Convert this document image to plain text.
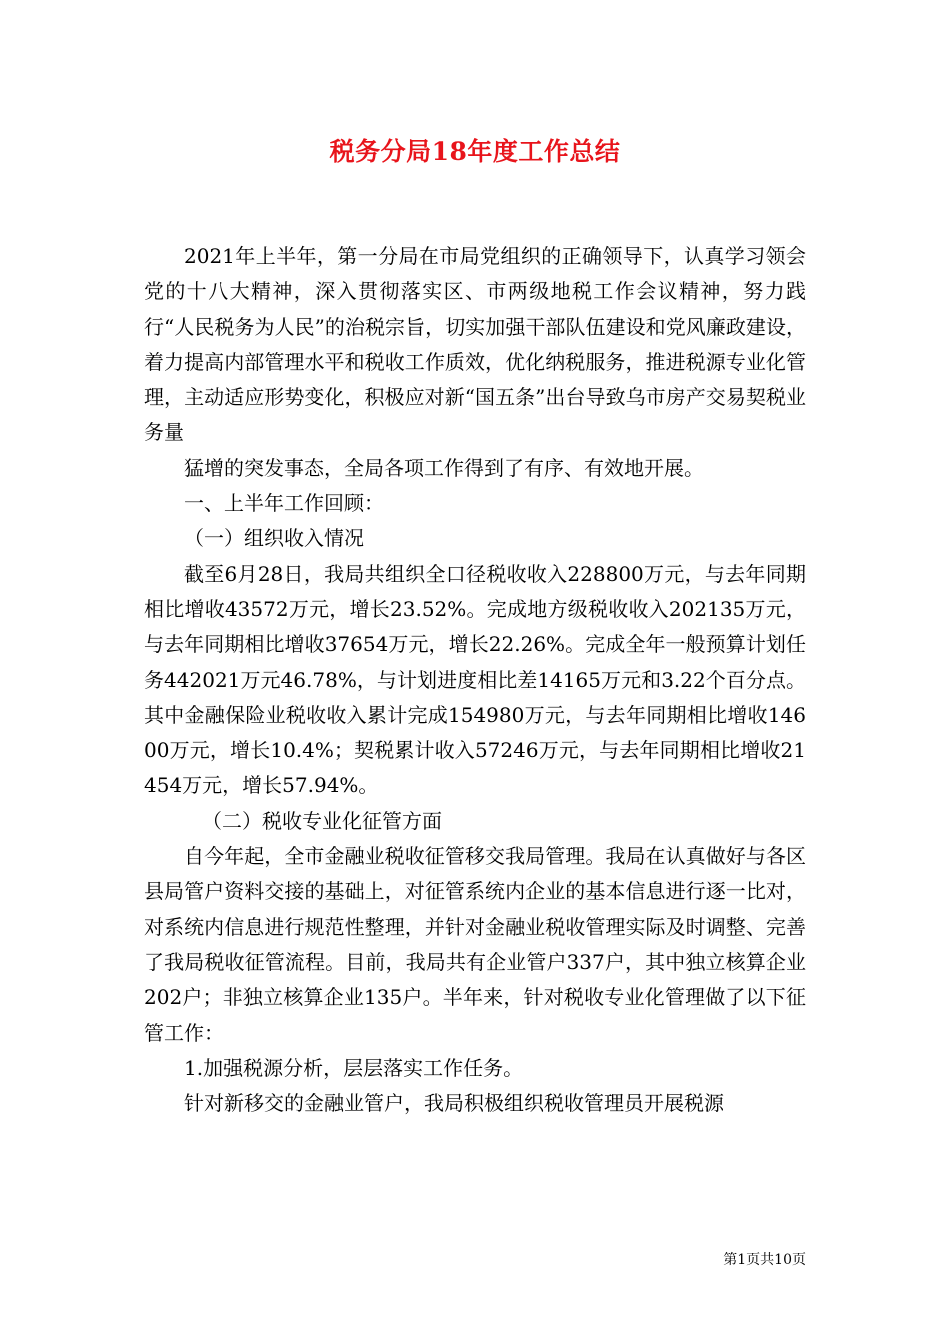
税务分局18年度工作总结

2021年上半年，第一分局在市局党组织的正确领导下，认真学习领会党的十八大精神，深入贯彻落实区、市两级地税工作会议精神，努力践行“人民税务为人民”的治税宗旨，切实加强干部队伍建设和党风廉政建设，着力提高内部管理水平和税收工作质效，优化纳税服务，推进税源专业化管理，主动适应形势变化，积极应对新“国五条”出台导致乌市房产交易契税业务量

猛增的突发事态，全局各项工作得到了有序、有效地开展。

一、上半年工作回顾：

（一）组织收入情况

截至6月28日，我局共组织全口径税收收入228800万元，与去年同期相比增收43572万元，增长23.52%。完成地方级税收收入202135万元，与去年同期相比增收37654万元，增长22.26%。完成全年一般预算计划任务442021万元46.78%，与计划进度相比差14165万元和3.22个百分点。其中金融保险业税收收入累计完成154980万元，与去年同期相比增收14600万元，增长10.4%；契税累计收入57246万元，与去年同期相比增收21454万元，增长57.94%。

（二）税收专业化征管方面

自今年起，全市金融业税收征管移交我局管理。我局在认真做好与各区县局管户资料交接的基础上，对征管系统内企业的基本信息进行逐一比对，对系统内信息进行规范性整理，并针对金融业税收管理实际及时调整、完善了我局税收征管流程。目前，我局共有企业管户337户，其中独立核算企业202户；非独立核算企业135户。半年来，针对税收专业化管理做了以下征管工作：

1.加强税源分析，层层落实工作任务。

针对新移交的金融业管户，我局积极组织税收管理员开展税源

第1页共10页
